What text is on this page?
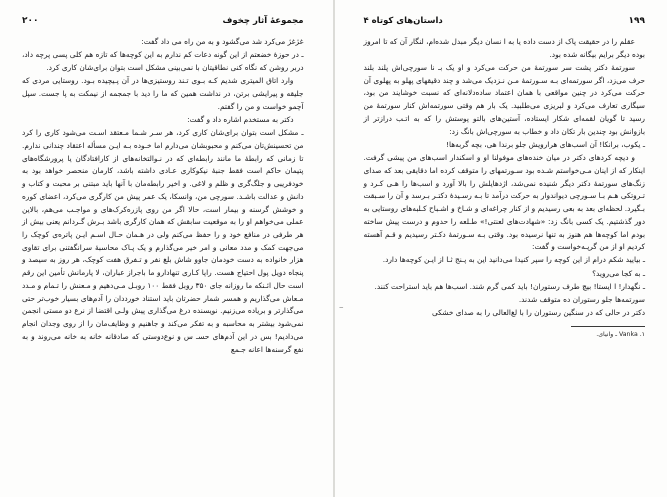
۱۹۹
داستان‌های کوتاه ۴

عقلم را در حقیقت پاک از دست داده یا به ا نسان دیگر مبدل شده‌ام، لنگار آن که تا امروز بوده دیگر برایم بیگانه شده بود.

سورتمهٔ دکتر پشت سر سورتمهٔ من حرکت می‌کرد و او یک بـ نا سورچی‌اش پلند بلند حرف می‌زد، اگر سورتمه‌ای بـه سـورتمهٔ مـن نـزدیک می‌شد و چند دقیقهای پهلو به پهلوی آن حرکت می‌کرد در چنین مواقعی با همان اعتماد ساده‌دلانه‌ای که نسبت خوشایند من بود، سیگاری تعارف می‌کرد و لبریزی می‌طلبید. یک بار هم وقتی سورتمه‌اش کنار سورتمهٔ من رسید تا گویان لقمه‌ای شکار ایستاده، آستین‌های بالتو پوستش را که به اتـب درازتر از بازوانش بود چندین بار تکان داد و خطاب به سورچی‌اش بانگ زد:

ـ یکوب، برانکا! آن اسب‌های هرارویش جلو برندا هی، بچه گربه‌ها!

و دیچه کردهای دکتر در میان خنده‌های موفولنا او و اسکندار اسب‌های من پیشی گرفت. اینکار که از اینان مـی‌خواستم شـده بود سـورتمهای را متوقف کرده اما دقایقی بعد که صدای زنگ‌های سورتمهٔ دکتر دیگر شنیده نمی‌شد، اژدهایلش را بالا آورد و اسب‌ها را هـی کـرد و تـروتکی هـم بـا سـورچی دیواندوار به حرکت درآمد تا بـه رسـیدهٔ دکتـر بـرسد و آن را سـبقت بـگیرد. لحظه‌ای بعد به بعی رسیدیم و از کنار چراغه‌ای و شـاخ و اشـباح کـلبه‌های روستایی به دور گذشتیم. یک کسی بانگ زد: «شهادت‌های لعنتی!» طـلعه را حدوم و درست پیش ساخته بودم اما کوچه‌ها هم هنوز به تنها نرسیده بود. وقتی بـه سـورتمهٔ دکـتر رسیدیم و قـم آهسته کردیم او از من گرپـه‌خواست و گفت:

ـ بیایید شکم درام از این کوچه را سپر کنیدا می‌دانید این به پـنج ثـا از ایـن کوچه‌ها دارد.

ـ به کجا می‌روید؟

ـ نگهدار! ا ایستا! بیچ طرف رستوران! باید کمی گرم شند. اسب‌ها هم باید استراحت کنند.

سورتمه‌ها جلو رستوران ده متوقف شدند.

دکتر در حالی که در سنگین‌ رستوران را با لغ‌العالی را به صدای خشکی

۱. Vanka ـ وانیای.
_
مجموعهٔ آثار چخوف
۲۰۰

غژغژ می‌کرد شد می‌گشود و به من راه می داد گفت:

ـ در حوزهٔ خضعتم از این گونه دعات کم ندارم به این کوچه‌ها که تازه هم کلی پسی پرچه داد، دربر روشن که نگاه کنی نطاقیتان با نمی‌بینی مشکل است بتوان برای‌شان کاری کرد.

وارد اتاق ا‌لمیتری شدیم کـه بـوی تـند روستیزی‌ها در آن پـیچیده بـود. روستایی مردی که جلیقه و پیرایشی برتن، در نداشت همین که ما را دید با جمجمه از نیمکت به پا جست. سپل آچمو خواست و من را گفتم.

دکتر به مستخدم اشاره داد و گفت:

ـ مشکل است بتوان برای‌شان کاری کرد، هر سـر شـما مـعتقد اسـت می‌شود کاری را کرد من تحسینش‌تان می‌کنم و محبوبشان می‌دارم اما خـوده بـه ایـن مسأله اعتقاد چندانی ندارم. تا زمانی که رابطهٔ ما مانند رابطه‌ای که در نـوالتخانه‌های از کارافتادگان یا پرورشگاه‌های پتیمان حاکم است فقط جنبهٔ نیکوکاری عـادی داشته باشد، کارمان منحصر خواهد بود به خودفریبی و جلگ‌گری و ظلم و لاغی. و اخیر رابطه‌مان با آنها باید مبتنی بر محبت و کتاب و دانش و عدالت باشـد. سورچی من، وانسکا، یک عمر پیش من کارگری می‌کرد، اعضای کوره و خوشش گرسنه و بیمار است، حالا اگر من روی پازره‌کرک‌های و مواجـب می‌هم، بالاین عملی می‌خواهم او را به موقعیت سابقش که همان کارگری باشد بـرش گـردانم یعنی بیش از هر طرفی در منافع خود و را حفظ می‌کنم ولی در هـمان حـال اسـم ایـن پاتره‌ی کوچک را می‌جهت کمک و مدد معانی و امر خیر می‌گذارم و یک پـاک محاسبهٔ سرانگفتنی برای تقاوی هزار خانواده به دست خودمان جاوو شاش بلغ نفر و تـفرق هفت کوچک، هر روز به سیصد و پنجاه دویل پول احتیاج هست. راپا کـاری تنهادارو ما باجراز عباران، لا پارمانش تأمین این رقم است حال ائـنکه ما روزانه جای ۳۵۰ روبل فقط ۱۰۰ روبـل مـی‌دهیم و مـعنش را تـمام و مـدد مـعاش می‌گذاریم و همسر شمار حضرتان باید استناد خورددان را آدم‌های بسیار خوب‌تر حتی می‌گذارتر و بریاده می‌زنیم. نویسنده درغ می‌گذاری پیش ولـی اقتضا از نرع دو مستی انجمن نمی‌شود بیشتر به محاسبه و به تفکر می‌کند و جاهنیم و وظایف‌مان را از روی وجدان انجام می‌دادیم! بس در این آدم‌های حسـ س و نوع‌دوستی که صادقانه خانه به خانه می‌روند و به نفع گرسنه‌ها اعانه جـمع
